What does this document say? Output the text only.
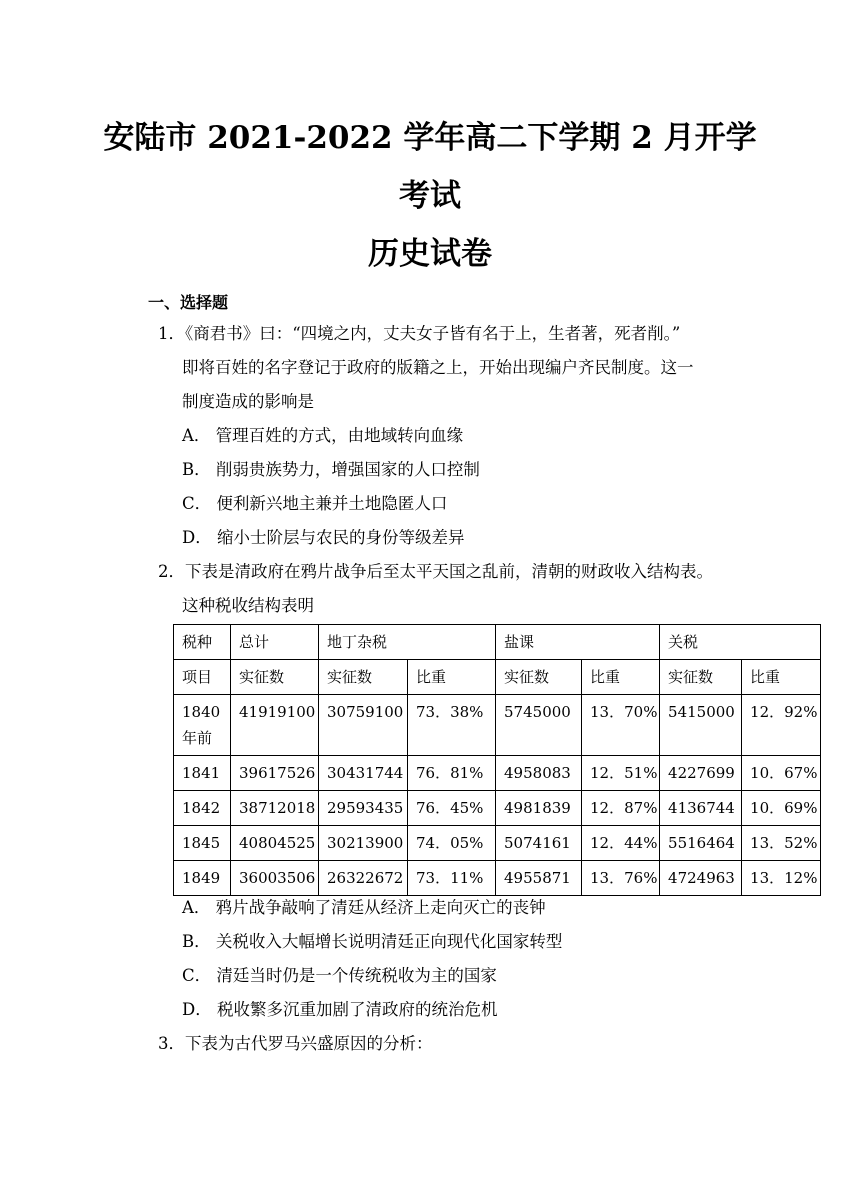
安陆市 2021-2022 学年高二下学期 2 月开学
考试
历史试卷
一、选择题
1．《商君书》曰：“四境之内，丈夫女子皆有名于上，生者著，死者削。”
即将百姓的名字登记于政府的版籍之上，开始出现编户齐民制度。这一
制度造成的影响是
A． 管理百姓的方式，由地域转向血缘
B． 削弱贵族势力，增强国家的人口控制
C． 便利新兴地主兼并土地隐匿人口
D． 缩小士阶层与农民的身份等级差异
2．下表是清政府在鸦片战争后至太平天国之乱前，清朝的财政收入结构表。
这种税收结构表明
税种	总计	地丁杂税		盐课		关税	
项目	实征数	实征数	比重	实征数	比重	实征数	比重
1840年前	41919100	30759100	73．38%	5745000	13．70%	5415000	12．92%
1841	39617526	30431744	76．81%	4958083	12．51%	4227699	10．67%
1842	38712018	29593435	76．45%	4981839	12．87%	4136744	10．69%
1845	40804525	30213900	74．05%	5074161	12．44%	5516464	13．52%
1849	36003506	26322672	73．11%	4955871	13．76%	4724963	13．12%
A． 鸦片战争敲响了清廷从经济上走向灭亡的丧钟
B． 关税收入大幅增长说明清廷正向现代化国家转型
C． 清廷当时仍是一个传统税收为主的国家
D． 税收繁多沉重加剧了清政府的统治危机
3．下表为古代罗马兴盛原因的分析：
